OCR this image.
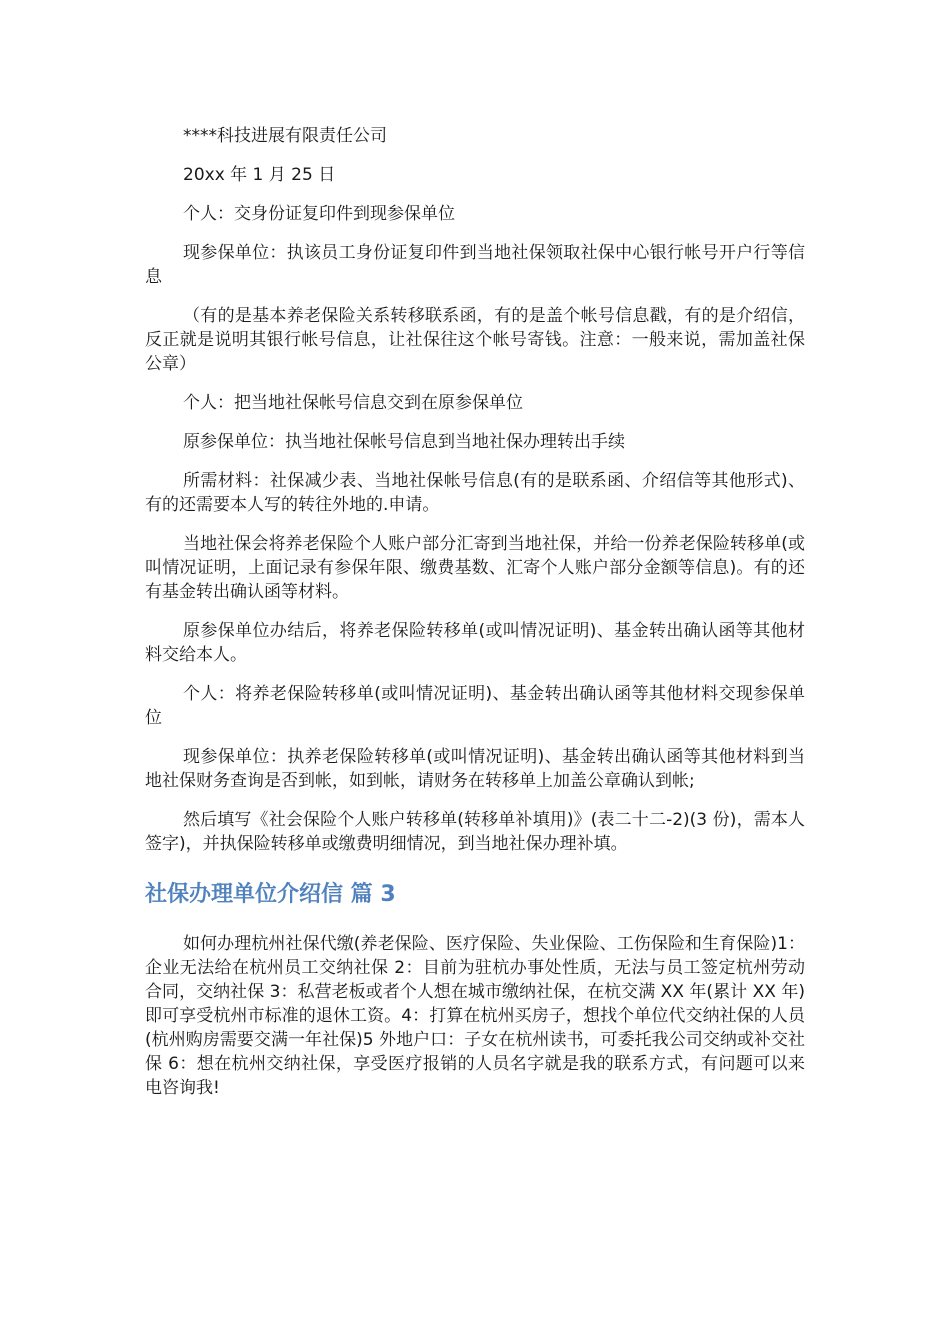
****科技进展有限责任公司

20xx 年 1 月 25 日

个人：交身份证复印件到现参保单位

现参保单位：执该员工身份证复印件到当地社保领取社保中心银行帐号开户行等信息

（有的是基本养老保险关系转移联系函，有的是盖个帐号信息戳，有的是介绍信，反正就是说明其银行帐号信息，让社保往这个帐号寄钱。注意：一般来说，需加盖社保公章）

个人：把当地社保帐号信息交到在原参保单位

原参保单位：执当地社保帐号信息到当地社保办理转出手续

所需材料：社保减少表、当地社保帐号信息(有的是联系函、介绍信等其他形式)、有的还需要本人写的转往外地的.申请。

当地社保会将养老保险个人账户部分汇寄到当地社保，并给一份养老保险转移单(或叫情况证明，上面记录有参保年限、缴费基数、汇寄个人账户部分金额等信息)。有的还有基金转出确认函等材料。

原参保单位办结后，将养老保险转移单(或叫情况证明)、基金转出确认函等其他材料交给本人。

个人：将养老保险转移单(或叫情况证明)、基金转出确认函等其他材料交现参保单位

现参保单位：执养老保险转移单(或叫情况证明)、基金转出确认函等其他材料到当地社保财务查询是否到帐，如到帐，请财务在转移单上加盖公章确认到帐;

然后填写《社会保险个人账户转移单(转移单补填用)》(表二十二-2)(3 份)，需本人签字)，并执保险转移单或缴费明细情况，到当地社保办理补填。

社保办理单位介绍信 篇 3

如何办理杭州社保代缴(养老保险、医疗保险、失业保险、工伤保险和生育保险)1：企业无法给在杭州员工交纳社保 2：目前为驻杭办事处性质，无法与员工签定杭州劳动合同，交纳社保 3：私营老板或者个人想在城市缴纳社保，在杭交满 XX 年(累计 XX 年)即可享受杭州市标准的退休工资。4：打算在杭州买房子，想找个单位代交纳社保的人员(杭州购房需要交满一年社保)5 外地户口：子女在杭州读书，可委托我公司交纳或补交社保 6：想在杭州交纳社保，享受医疗报销的人员名字就是我的联系方式，有问题可以来电咨询我!
